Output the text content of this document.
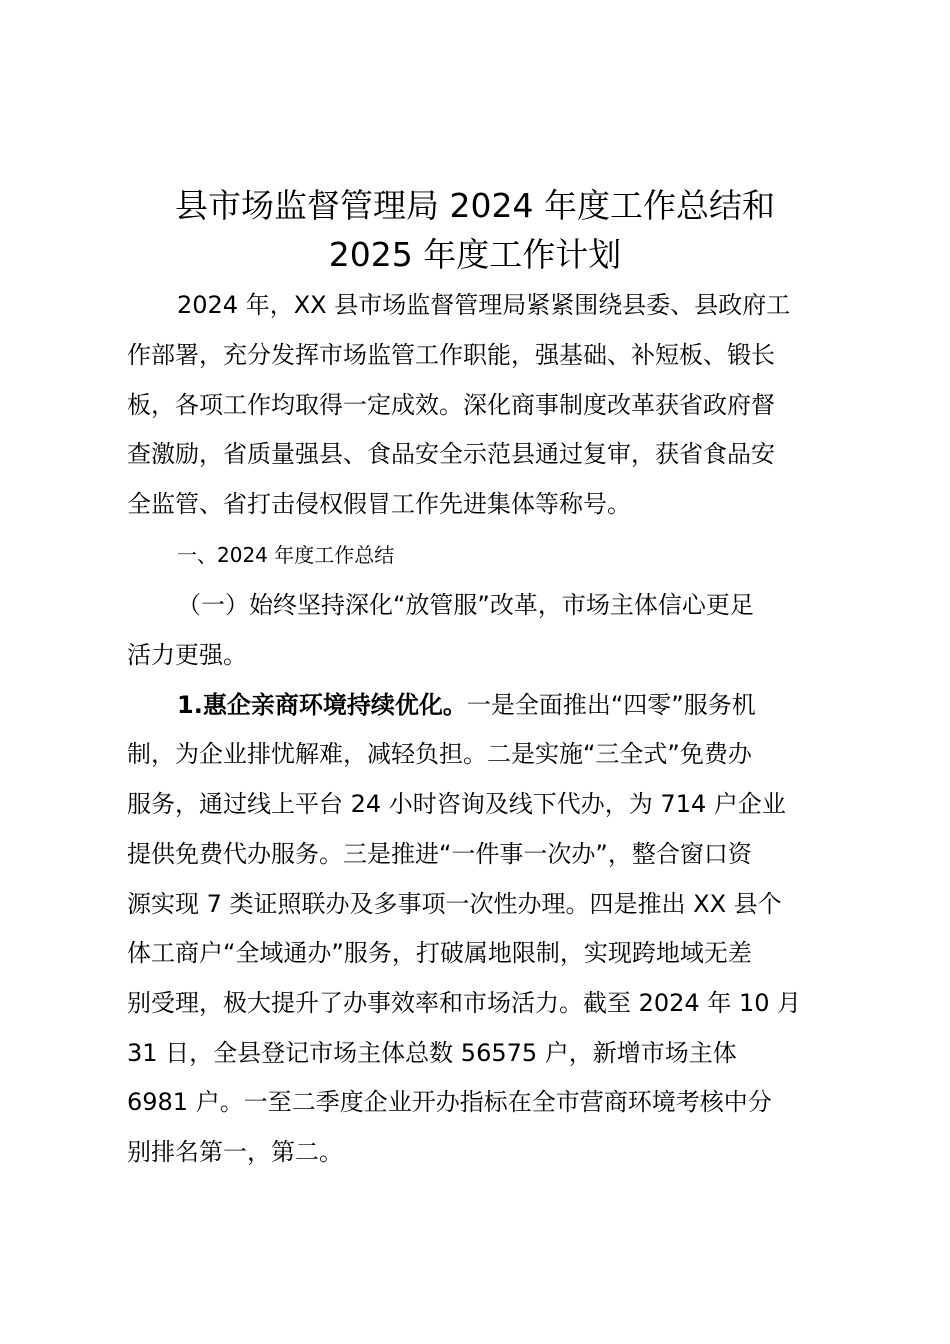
县市场监督管理局 2024 年度工作总结和
2025 年度工作计划
2024 年，XX 县市场监督管理局紧紧围绕县委、县政府工
作部署，充分发挥市场监管工作职能，强基础、补短板、锻长
板，各项工作均取得一定成效。深化商事制度改革获省政府督
查激励，省质量强县、食品安全示范县通过复审，获省食品安
全监管、省打击侵权假冒工作先进集体等称号。
一、2024 年度工作总结
（一）始终坚持深化“放管服”改革，市场主体信心更足
活力更强。
1.惠企亲商环境持续优化。一是全面推出“四零”服务机
制，为企业排忧解难，减轻负担。二是实施“三全式”免费办
服务，通过线上平台 24 小时咨询及线下代办，为 714 户企业
提供免费代办服务。三是推进“一件事一次办”，整合窗口资
源实现 7 类证照联办及多事项一次性办理。四是推出 XX 县个
体工商户“全域通办”服务，打破属地限制，实现跨地域无差
别受理，极大提升了办事效率和市场活力。截至 2024 年 10 月
31 日，全县登记市场主体总数 56575 户，新增市场主体
6981 户。一至二季度企业开办指标在全市营商环境考核中分
别排名第一，第二。
